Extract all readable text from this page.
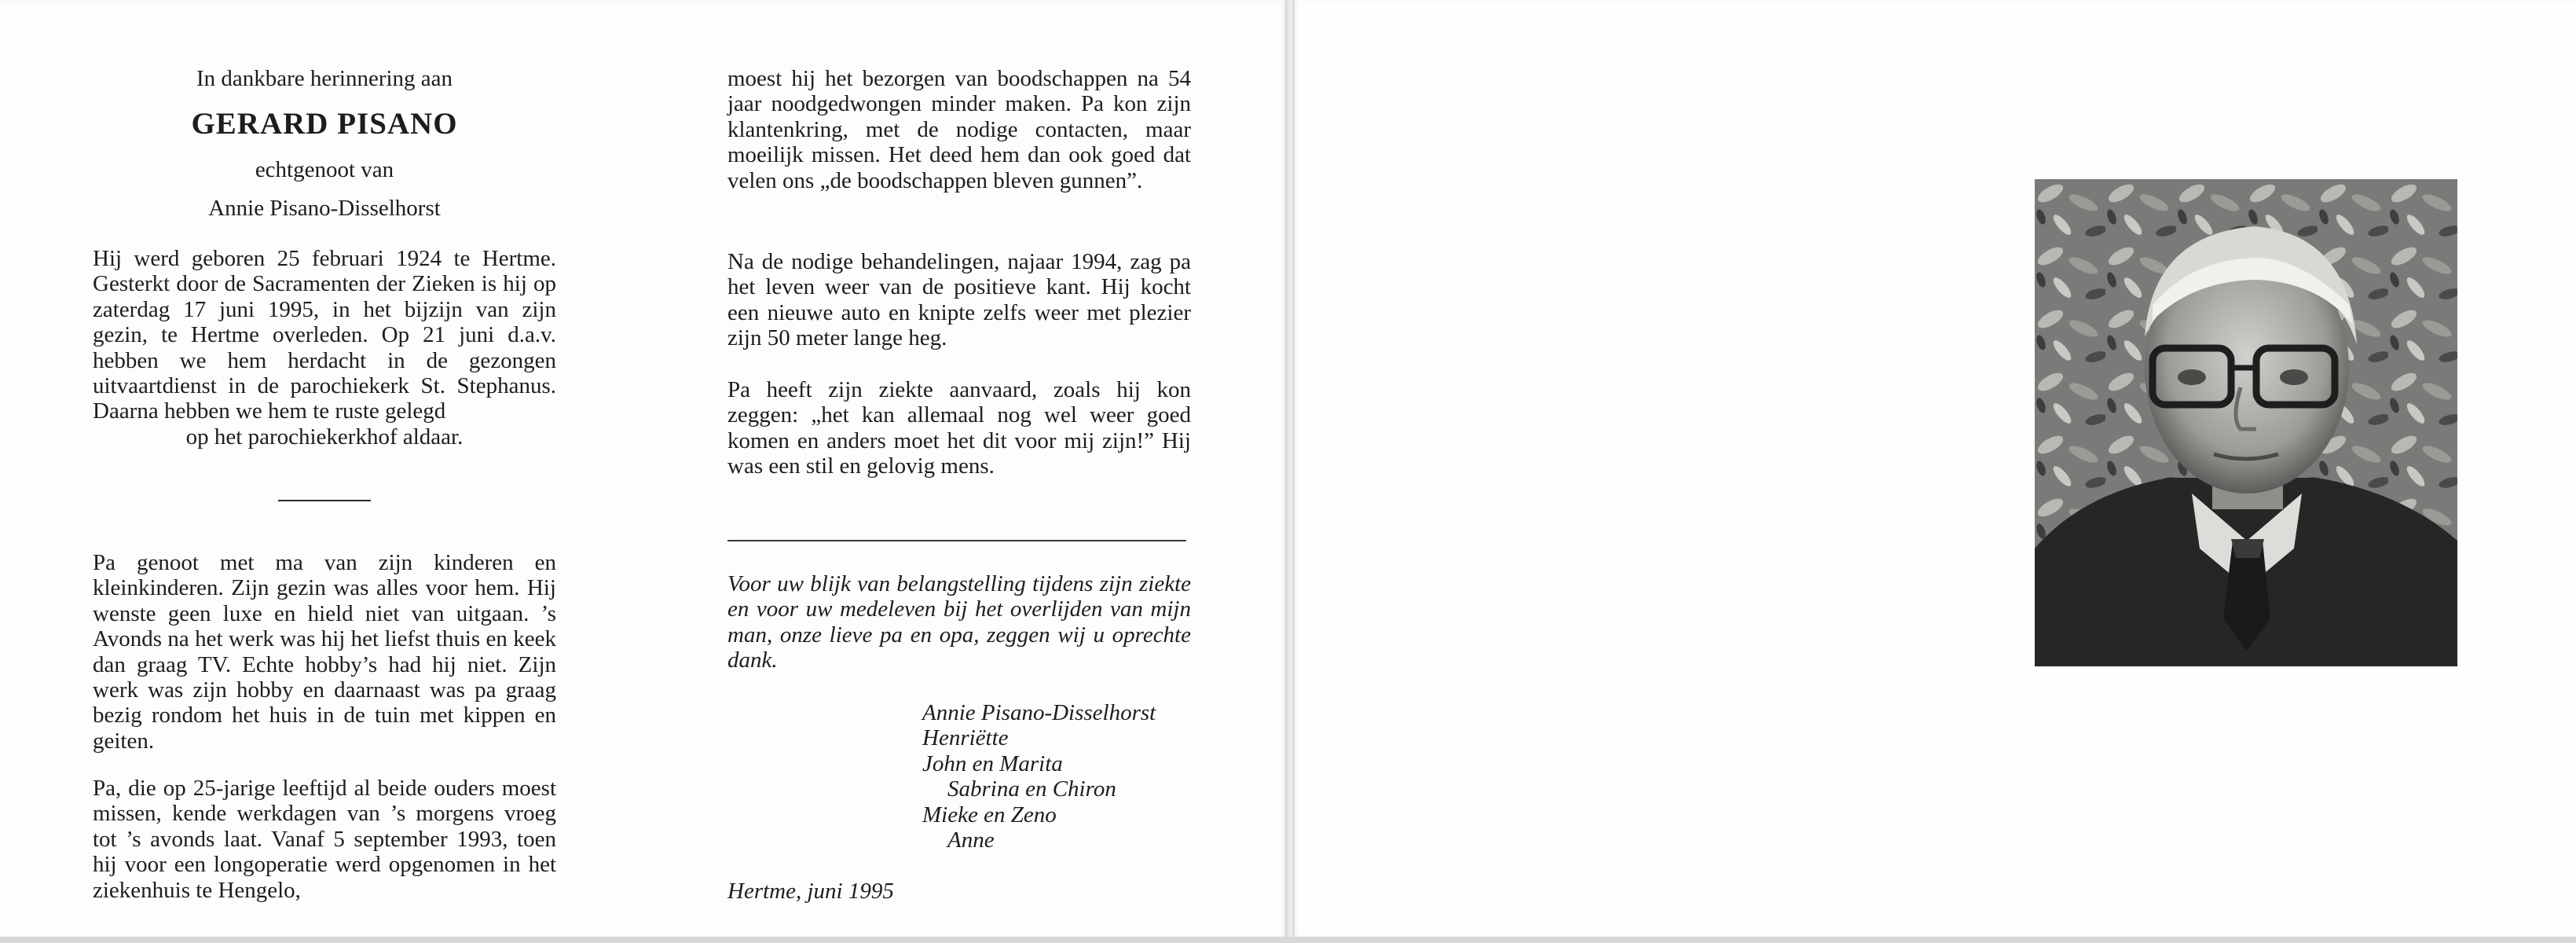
In dankbare herinnering aan
GERARD PISANO
echtgenoot van
Annie Pisano-Disselhorst

Hij werd geboren 25 februari 1924 te Hertme. Gesterkt door de Sacramenten der Zieken is hij op zaterdag 17 juni 1995, in het bijzijn van zijn gezin, te Hertme overleden. Op 21 juni d.a.v. hebben we hem herdacht in de gezongen uitvaartdienst in de parochiekerk St. Stephanus. Daarna hebben we hem te ruste gelegd

op het parochiekerkhof aldaar.

Pa genoot met ma van zijn kinderen en kleinkinderen. Zijn gezin was alles voor hem. Hij wenste geen luxe en hield niet van uitgaan. ’s Avonds na het werk was hij het liefst thuis en keek dan graag TV. Echte hobby’s had hij niet. Zijn werk was zijn hobby en daarnaast was pa graag bezig rondom het huis in de tuin met kippen en geiten.

Pa, die op 25-jarige leeftijd al beide ouders moest missen, kende werkdagen van ’s morgens vroeg tot ’s avonds laat. Vanaf 5 september 1993, toen hij voor een longoperatie werd opgenomen in het ziekenhuis te Hengelo,

moest hij het bezorgen van boodschappen na 54 jaar noodgedwongen minder maken. Pa kon zijn klantenkring, met de nodige contacten, maar moeilijk missen. Het deed hem dan ook goed dat velen ons „de boodschappen bleven gunnen”.

Na de nodige behandelingen, najaar 1994, zag pa het leven weer van de positieve kant. Hij kocht een nieuwe auto en knipte zelfs weer met plezier zijn 50 meter lange heg.

Pa heeft zijn ziekte aanvaard, zoals hij kon zeggen: „het kan allemaal nog wel weer goed komen en anders moet het dit voor mij zijn!” Hij was een stil en gelovig mens.

Voor uw blijk van belangstelling tijdens zijn ziekte en voor uw medeleven bij het overlijden van mijn man, onze lieve pa en opa, zeggen wij u oprechte dank.

Annie Pisano-Disselhorst
Henriëtte
John en Marita
Sabrina en Chiron
Mieke en Zeno
Anne
Hertme, juni 1995
